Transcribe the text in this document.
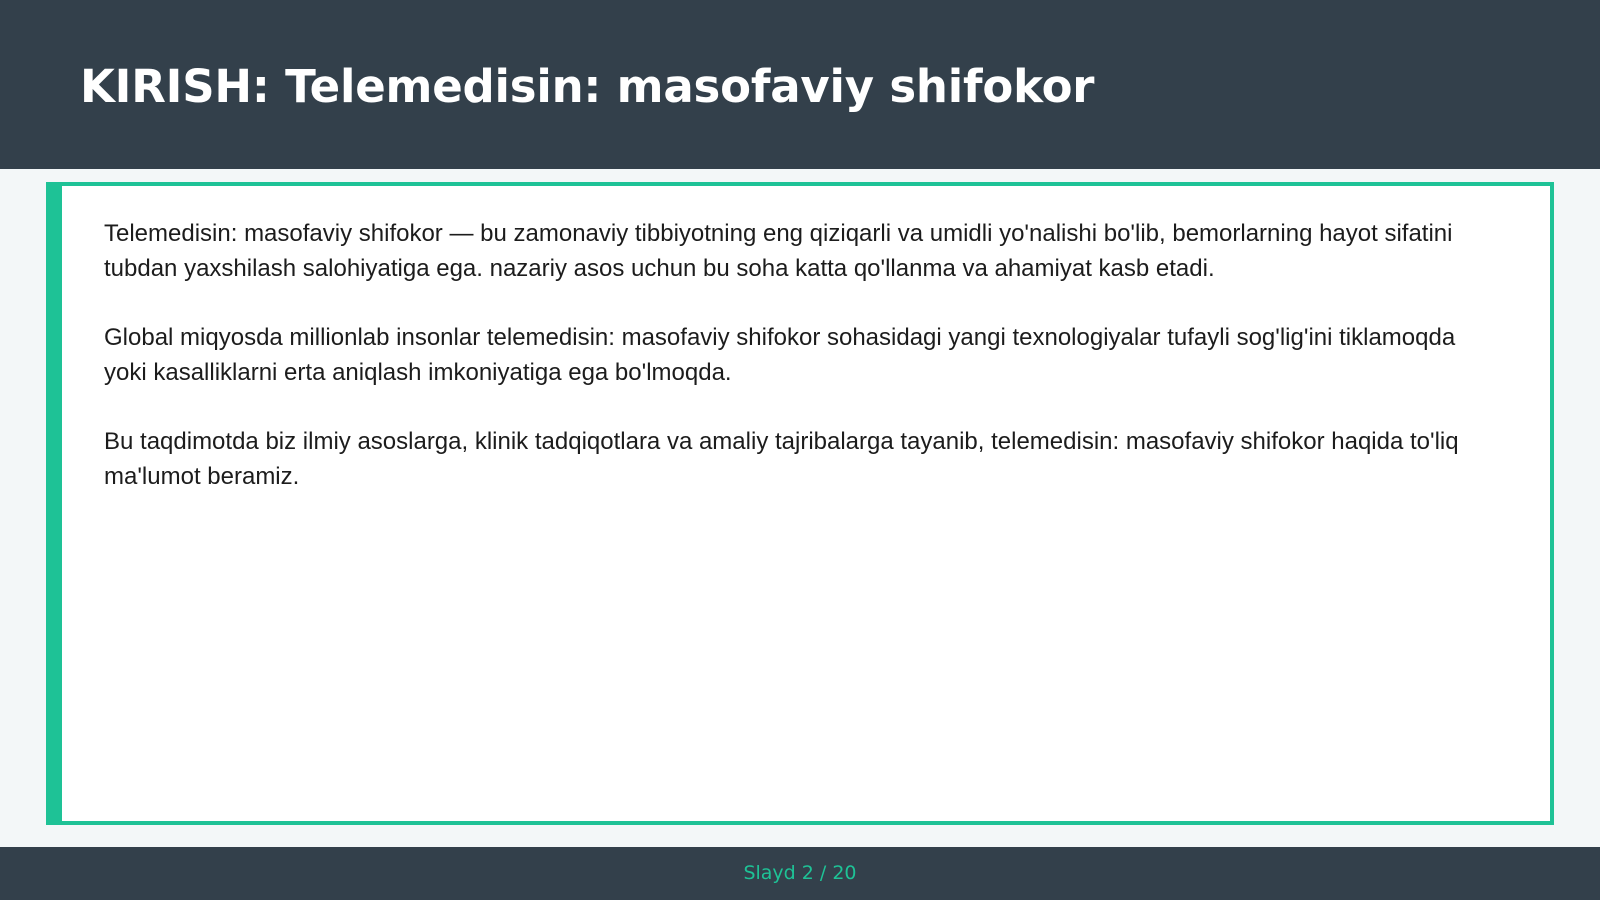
KIRISH: Telemedisin: masofaviy shifokor

Telemedisin: masofaviy shifokor — bu zamonaviy tibbiyotning eng qiziqarli va umidli yo'nalishi bo'lib, bemorlarning hayot sifatini tubdan yaxshilash salohiyatiga ega. nazariy asos uchun bu soha katta qo'llanma va ahamiyat kasb etadi.

Global miqyosda millionlab insonlar telemedisin: masofaviy shifokor sohasidagi yangi texnologiyalar tufayli sog'lig'ini tiklamoqda yoki kasalliklarni erta aniqlash imkoniyatiga ega bo'lmoqda.

Bu taqdimotda biz ilmiy asoslarga, klinik tadqiqotlara va amaliy tajribalarga tayanib, telemedisin: masofaviy shifokor haqida to'liq ma'lumot beramiz.

Slayd 2 / 20
